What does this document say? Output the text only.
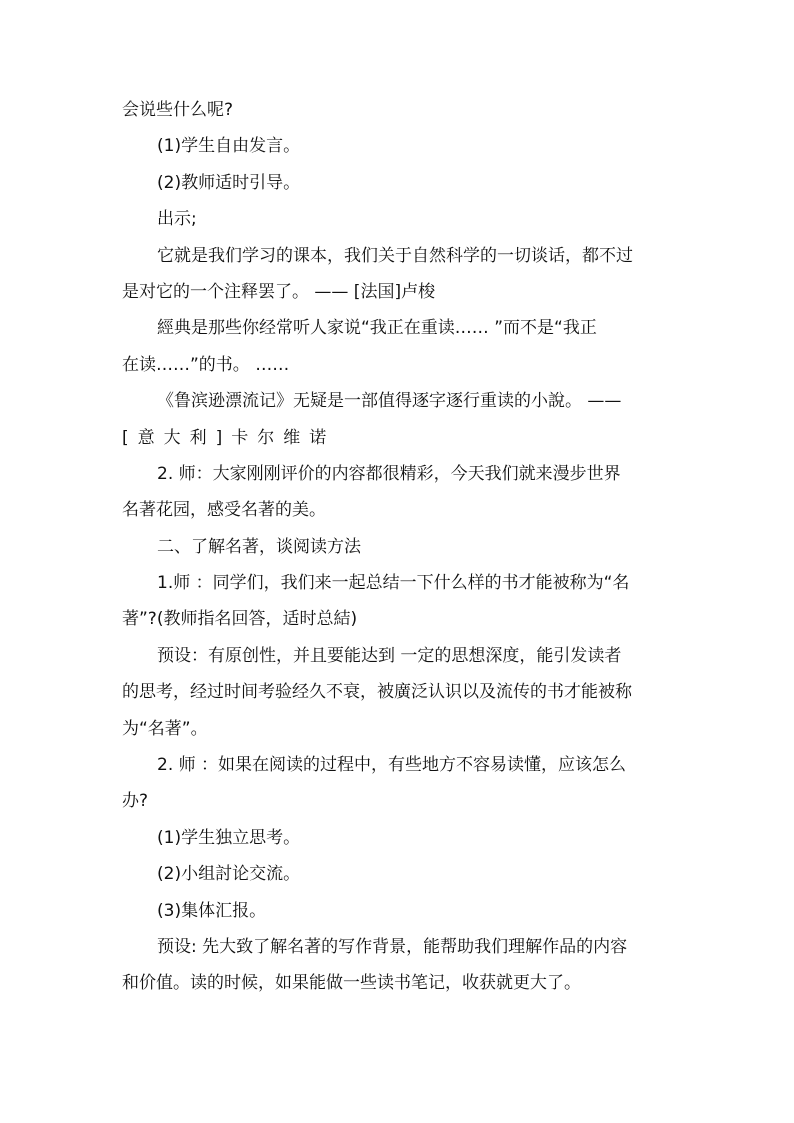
会说些什么呢?
(1)学生自由发言。
(2)教师适时引导。
出示;
它就是我们学习的课本，我们关于自然科学的一切谈话，都不过
是对它的一个注释罢了。 —— [法国]卢梭
經典是那些你经常听人家说“我正在重读…… ”而不是“我正
在读……”的书。 ……
《鲁滨逊漂流记》无疑是一部值得逐字逐行重读的小說。 ——
[意大利]卡尔维诺
2. 师：大家刚刚评价的内容都很精彩，今天我们就来漫步世界
名著花园，感受名著的美。
二、了解名著，谈阅读方法
1.师 ：同学们，我们来一起总结一下什么样的书才能被称为“名
著”?(教师指名回答，适时总結)
预设：有原创性，并且要能达到 一定的思想深度，能引发读者
的思考，经过时间考验经久不衰，被廣泛认识以及流传的书才能被称
为“名著”。
2. 师 ：如果在阅读的过程中，有些地方不容易读懂，应该怎么
办?
(1)学生独立思考。
(2)小组討论交流。
(3)集体汇报。
预设: 先大致了解名著的写作背景，能帮助我们理解作品的内容
和价值。读的时候，如果能做一些读书笔记，收获就更大了。
